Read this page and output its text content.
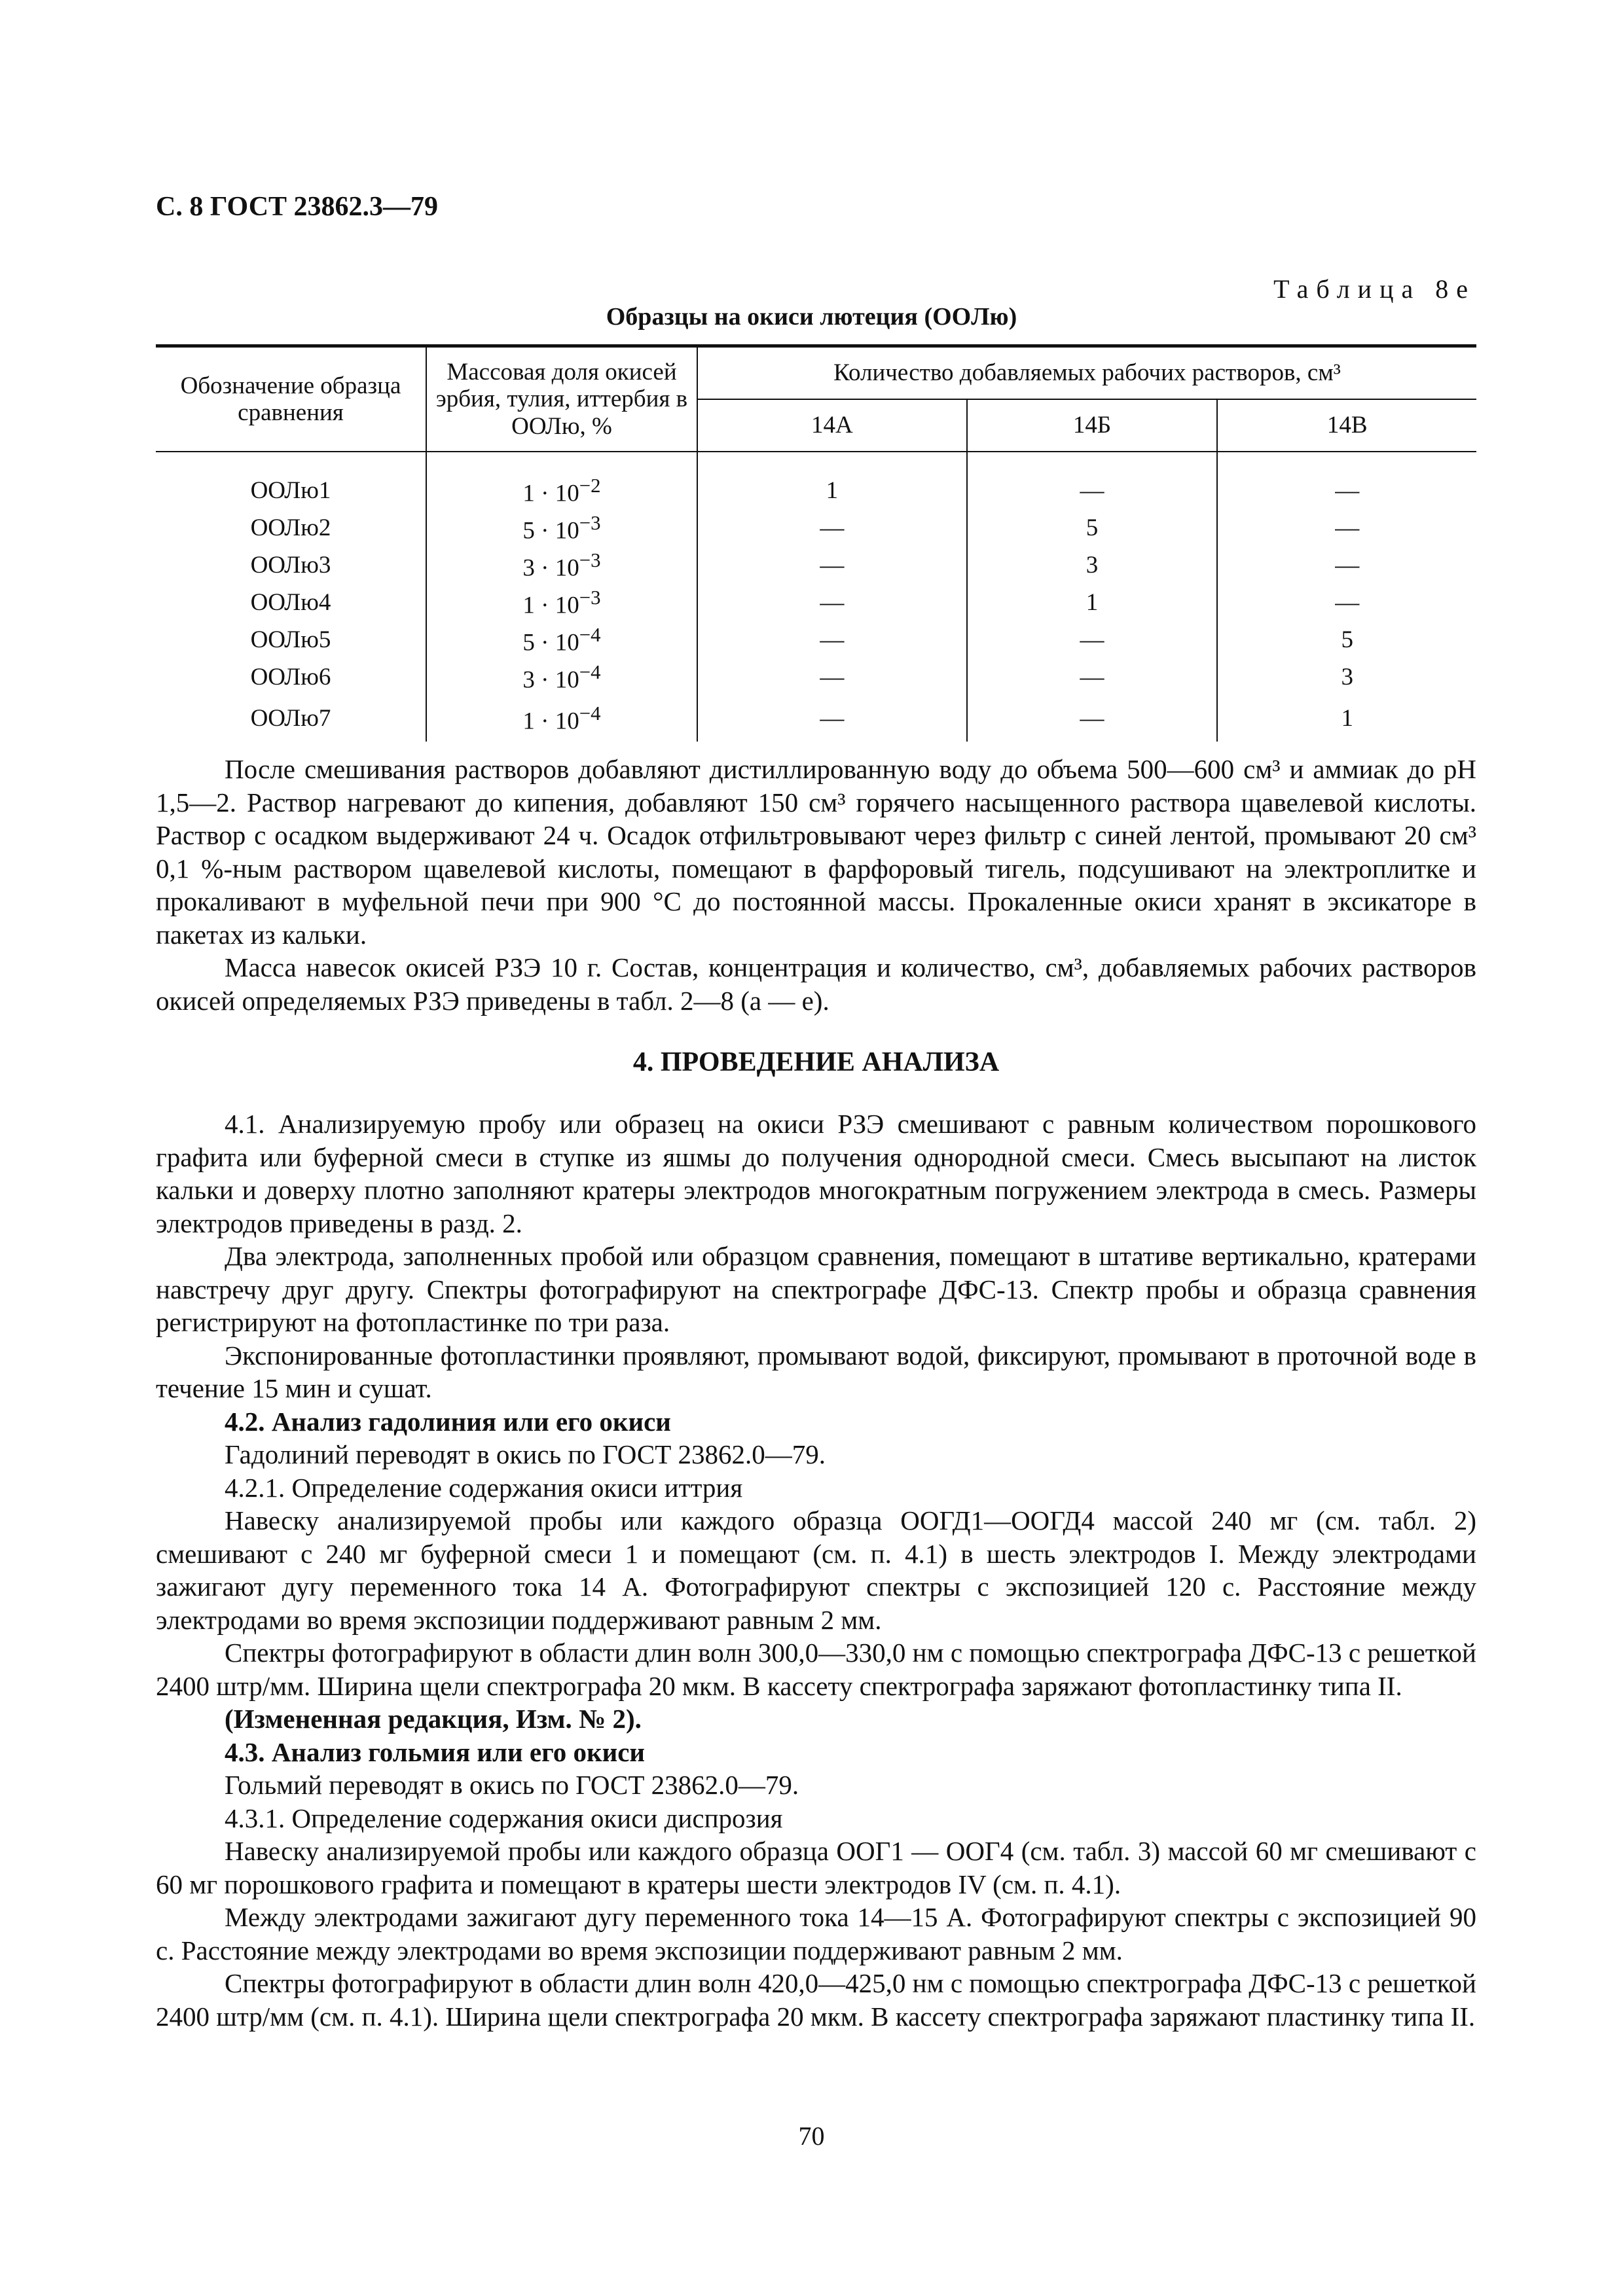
С. 8 ГОСТ 23862.3—79
Таблица 8е
Образцы на окиси лютеция (OOЛю)
Обозначение образца сравнения	Массовая доля окисей эрбия, тулия, иттербия в ООЛю, %	Количество добавляемых рабочих растворов, см³		
		14А	14Б	14В

ООЛю1	$1 \cdot 10^{-2}$	1	—	—
ООЛю2	$5 \cdot 10^{-3}$	—	5	—
ООЛю3	$3 \cdot 10^{-3}$	—	3	—
ООЛю4	$1 \cdot 10^{-3}$	—	1	—
ООЛю5	$5 \cdot 10^{-4}$	—	—	5
ООЛю6	$3 \cdot 10^{-4}$	—	—	3
ООЛю7	$1 \cdot 10^{-4}$	—	—	1

После смешивания растворов добавляют дистиллированную воду до объема 500—600 см³ и аммиак до pH 1,5—2. Раствор нагревают до кипения, добавляют 150 см³ горячего насыщенного раствора щавелевой кислоты. Раствор с осадком выдерживают 24 ч. Осадок отфильтровывают через фильтр с синей лентой, промывают 20 см³ 0,1 %-ным раствором щавелевой кислоты, помещают в фарфоровый тигель, подсушивают на электроплитке и прокаливают в муфельной печи при 900 °С до постоянной массы. Прокаленные окиси хранят в эксикаторе в пакетах из кальки.

Масса навесок окисей РЗЭ 10 г. Состав, концентрация и количество, см³, добавляемых рабочих растворов окисей определяемых РЗЭ приведены в табл. 2—8 (а — е).

4. ПРОВЕДЕНИЕ АНАЛИЗА

4.1. Анализируемую пробу или образец на окиси РЗЭ смешивают с равным количеством порошкового графита или буферной смеси в ступке из яшмы до получения однородной смеси. Смесь высыпают на листок кальки и доверху плотно заполняют кратеры электродов многократным погружением электрода в смесь. Размеры электродов приведены в разд. 2.

Два электрода, заполненных пробой или образцом сравнения, помещают в штативе вертикально, кратерами навстречу друг другу. Спектры фотографируют на спектрографе ДФС-13. Спектр пробы и образца сравнения регистрируют на фотопластинке по три раза.

Экспонированные фотопластинки проявляют, промывают водой, фиксируют, промывают в проточной воде в течение 15 мин и сушат.

4.2. Анализ гадолиния или его окиси

Гадолиний переводят в окись по ГОСТ 23862.0—79.

4.2.1. Определение содержания окиси иттрия

Навеску анализируемой пробы или каждого образца ООГД1—ООГД4 массой 240 мг (см. табл. 2) смешивают с 240 мг буферной смеси 1 и помещают (см. п. 4.1) в шесть электродов I. Между электродами зажигают дугу переменного тока 14 А. Фотографируют спектры с экспозицией 120 с. Расстояние между электродами во время экспозиции поддерживают равным 2 мм.

Спектры фотографируют в области длин волн 300,0—330,0 нм с помощью спектрографа ДФС-13 с решеткой 2400 штр/мм. Ширина щели спектрографа 20 мкм. В кассету спектрографа заряжают фотопластинку типа II.

(Измененная редакция, Изм. № 2).

4.3. Анализ гольмия или его окиси

Гольмий переводят в окись по ГОСТ 23862.0—79.

4.3.1. Определение содержания окиси диспрозия

Навеску анализируемой пробы или каждого образца ООГ1 — ООГ4 (см. табл. 3) массой 60 мг смешивают с 60 мг порошкового графита и помещают в кратеры шести электродов IV (см. п. 4.1).

Между электродами зажигают дугу переменного тока 14—15 А. Фотографируют спектры с экспозицией 90 с. Расстояние между электродами во время экспозиции поддерживают равным 2 мм.

Спектры фотографируют в области длин волн 420,0—425,0 нм с помощью спектрографа ДФС-13 с решеткой 2400 штр/мм (см. п. 4.1). Ширина щели спектрографа 20 мкм. В кассету спектрографа заряжают пластинку типа II.

70
